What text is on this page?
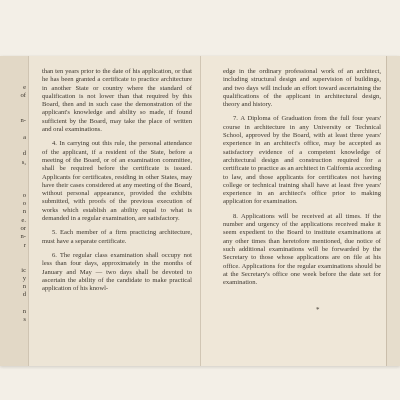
e
of

n-

a

d
s,

o
o
n
e.
or
n-
r

ic
y
n
d

n
s

than ten years prior to the date of his application, or that he has been granted a certificate to practice architecture in another State or country where the standard of qualification is not lower than that required by this Board, then and in such case the demonstration of the applicant's knowledge and ability so made, if found sufficient by the Board, may take the place of written and oral examinations.

4. In carrying out this rule, the personal attendance of the applicant, if a resident of the State, before a meeting of the Board, or of an examination committee, shall be required before the certificate is issued. Applicants for certificates, residing in other States, may have their cases considered at any meeting of the Board, without personal appearance, provided the exhibits submitted, with proofs of the previous execution of works which establish an ability equal to what is demanded in a regular examination, are satisfactory.

5. Each member of a firm practicing architecture, must have a separate certificate.

6. The regular class examination shall occupy not less than four days, approximately in the months of January and May — two days shall be devoted to ascertain the ability of the candidate to make practical application of his knowl-

edge in the ordinary professional work of an architect, including structural design and supervision of buildings, and two days will include an effort toward ascertaining the qualifications of the applicant in architectural design, theory and history.

7. A Diploma of Graduation from the full four years' course in architecture in any University or Technical School, approved by the Board, with at least three years' experience in an architect's office, may be accepted as satisfactory evidence of a competent knowledge of architectural design and construction required for a certificate to practice as an architect in California according to law, and those applicants for certificates not having college or technical training shall have at least five years' experience in an architect's office prior to making application for examination.

8. Applications will be received at all times. If the number and urgency of the applications received make it seem expedient to the Board to institute examinations at any other times than heretofore mentioned, due notice of such additional examinations will be forwarded by the Secretary to those whose applications are on file at his office. Applications for the regular examinations should be at the Secretary's office one week before the date set for examination.

*
